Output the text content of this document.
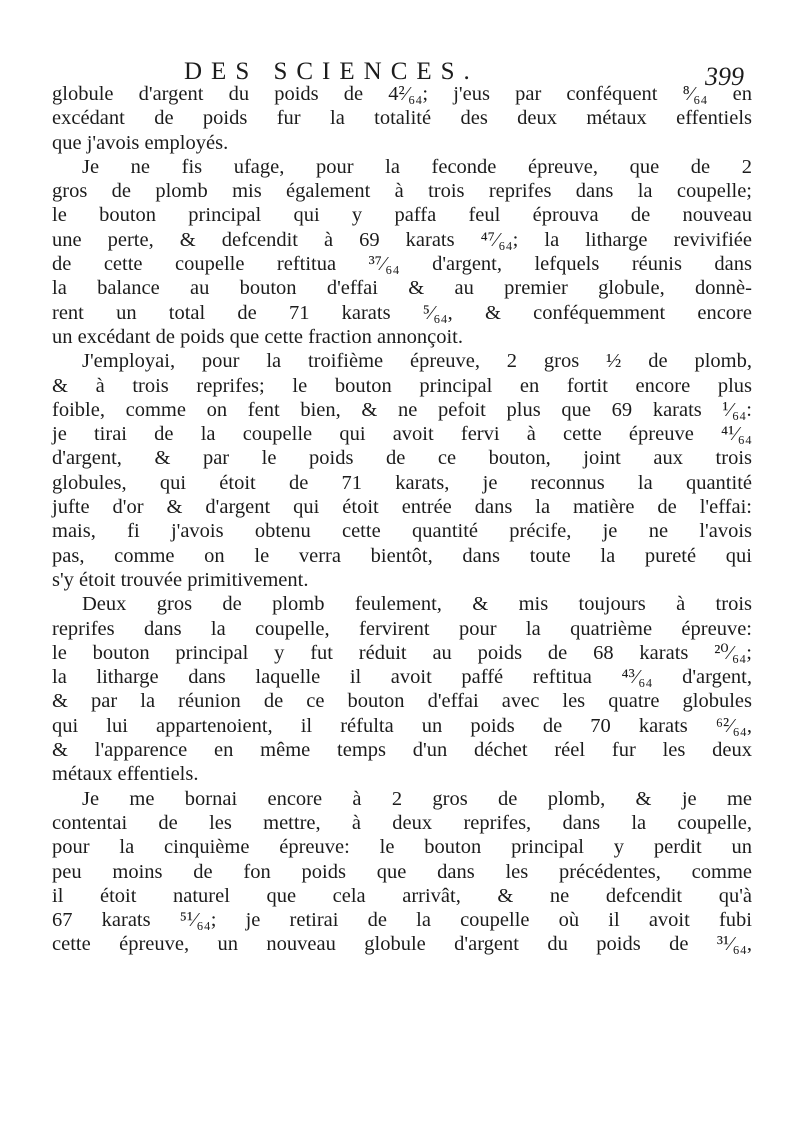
DES SCIENCES.	399
globule d'argent du poids de 4²⁄₆₄; j'eus par conféquent ⁸⁄₆₄ en
excédant de poids fur la totalité des deux métaux effentiels
que j'avois employés.
Je ne fis ufage, pour la feconde épreuve, que de 2
gros de plomb mis également à trois reprifes dans la coupelle;
le bouton principal qui y paffa feul éprouva de nouveau
une perte, & defcendit à 69 karats ⁴⁷⁄₆₄; la litharge revivifiée
de cette coupelle reftitua ³⁷⁄₆₄ d'argent, lefquels réunis dans
la balance au bouton d'effai & au premier globule, donnè-
rent un total de 71 karats ⁵⁄₆₄, & conféquemment encore
un excédant de poids que cette fraction annonçoit.
J'employai, pour la troifième épreuve, 2 gros ½ de plomb,
& à trois reprifes; le bouton principal en fortit encore plus
foible, comme on fent bien, & ne pefoit plus que 69 karats ¹⁄₆₄:
je tirai de la coupelle qui avoit fervi à cette épreuve ⁴¹⁄₆₄
d'argent, & par le poids de ce bouton, joint aux trois
globules, qui étoit de 71 karats, je reconnus la quantité
jufte d'or & d'argent qui étoit entrée dans la matière de l'effai:
mais, fi j'avois obtenu cette quantité précife, je ne l'avois
pas, comme on le verra bientôt, dans toute la pureté qui
s'y étoit trouvée primitivement.
Deux gros de plomb feulement, & mis toujours à trois
reprifes dans la coupelle, fervirent pour la quatrième épreuve:
le bouton principal y fut réduit au poids de 68 karats ²⁰⁄₆₄;
la litharge dans laquelle il avoit paffé reftitua ⁴³⁄₆₄ d'argent,
& par la réunion de ce bouton d'effai avec les quatre globules
qui lui appartenoient, il réfulta un poids de 70 karats ⁶²⁄₆₄,
& l'apparence en même temps d'un déchet réel fur les deux
métaux effentiels.
Je me bornai encore à 2 gros de plomb, & je me
contentai de les mettre, à deux reprifes, dans la coupelle,
pour la cinquième épreuve: le bouton principal y perdit un
peu moins de fon poids que dans les précédentes, comme
il étoit naturel que cela arrivât, & ne defcendit qu'à
67 karats ⁵¹⁄₆₄; je retirai de la coupelle où il avoit fubi
cette épreuve, un nouveau globule d'argent du poids de ³¹⁄₆₄,
